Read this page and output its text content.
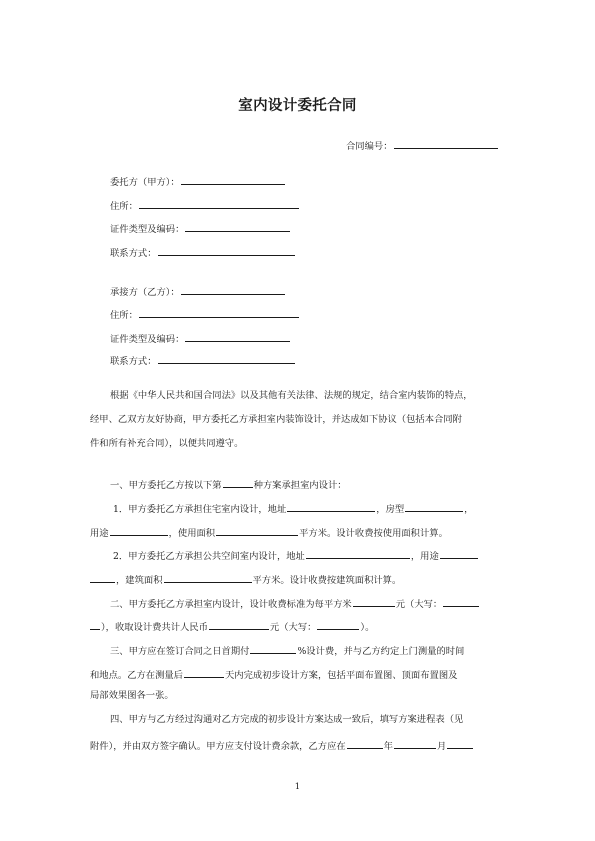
室内设计委托合同
合同编号：
委托方（甲方）：
住所：
证件类型及编码：
联系方式：
承接方（乙方）：
住所：
证件类型及编码：
联系方式：
根据《中华人民共和国合同法》以及其他有关法律、法规的规定，结合室内装饰的特点，
经甲、乙双方友好协商，甲方委托乙方承担室内装饰设计，并达成如下协议（包括本合同附
件和所有补充合同），以便共同遵守。
一、甲方委托乙方按以下第	种方案承担室内设计：
1．甲方委托乙方承担住宅室内设计，地址	，房型	，
用途	，使用面积	平方米。设计收费按使用面积计算。
2．甲方委托乙方承担公共空间室内设计，地址	，用途
，建筑面积	平方米。设计收费按建筑面积计算。
二、甲方委托乙方承担室内设计，设计收费标准为每平方米	元（大写：
），收取设计费共计人民币	元（大写：	）。
三、甲方应在签订合同之日首期付	%设计费，并与乙方约定上门测量的时间
和地点。乙方在测量后	天内完成初步设计方案，包括平面布置图、顶面布置图及
局部效果图各一张。
四、甲方与乙方经过沟通对乙方完成的初步设计方案达成一致后，填写方案进程表（见
附件），并由双方签字确认。甲方应支付设计费余款，乙方应在	年	月
1
